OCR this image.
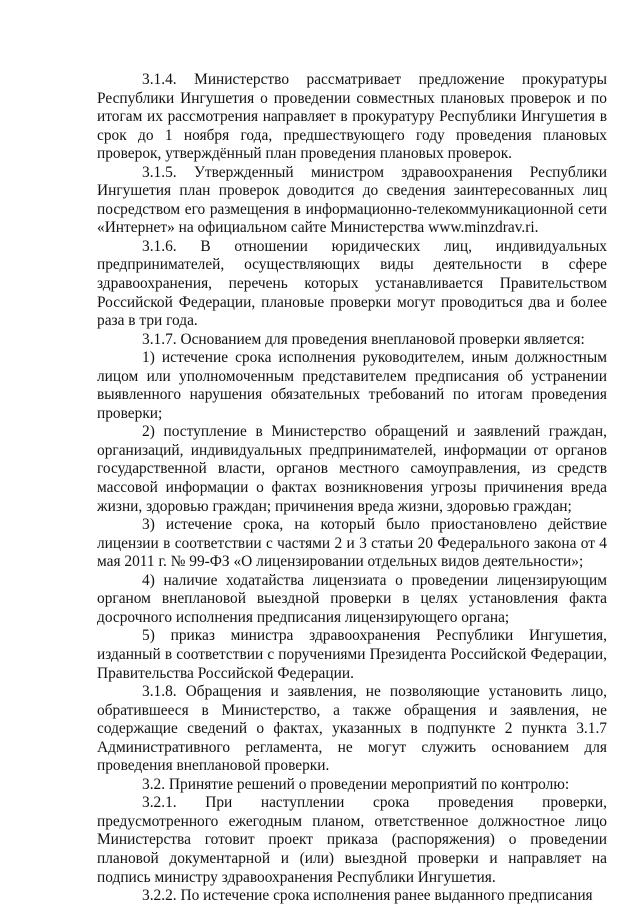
3.1.4. Министерство рассматривает предложение прокуратуры Республики Ингушетия о проведении совместных плановых проверок и по итогам их рассмотрения направляет в прокуратуру Республики Ингушетия в срок до 1 ноября года, предшествующего году проведения плановых проверок, утверждённый план проведения плановых проверок.

3.1.5. Утвержденный министром здравоохранения Республики Ингушетия план проверок доводится до сведения заинтересованных лиц посредством его размещения в информационно-телекоммуникационной сети «Интернет» на официальном сайте Министерства www.minzdrav.ri.

3.1.6. В отношении юридических лиц, индивидуальных предпринимателей, осуществляющих виды деятельности в сфере здравоохранения, перечень которых устанавливается Правительством Российской Федерации, плановые проверки могут проводиться два и более раза в три года.

3.1.7. Основанием для проведения внеплановой проверки является:

1) истечение срока исполнения руководителем, иным должностным лицом или уполномоченным представителем предписания об устранении выявленного нарушения обязательных требований по итогам проведения проверки;

2) поступление в Министерство обращений и заявлений граждан, организаций, индивидуальных предпринимателей, информации от органов государственной власти, органов местного самоуправления, из средств массовой информации о фактах возникновения угрозы причинения вреда жизни, здоровью граждан; причинения вреда жизни, здоровью граждан;

3) истечение срока, на который было приостановлено действие лицензии в соответствии с частями 2 и 3 статьи 20 Федерального закона от 4 мая 2011 г. № 99-ФЗ «О лицензировании отдельных видов деятельности»;

4) наличие ходатайства лицензиата о проведении лицензирующим органом внеплановой выездной проверки в целях установления факта досрочного исполнения предписания лицензирующего органа;

5) приказ министра здравоохранения Республики Ингушетия, изданный в соответствии с поручениями Президента Российской Федерации, Правительства Российской Федерации.

3.1.8. Обращения и заявления, не позволяющие установить лицо, обратившееся в Министерство, а также обращения и заявления, не содержащие сведений о фактах, указанных в подпункте 2 пункта 3.1.7 Административного регламента, не могут служить основанием для проведения внеплановой проверки.

3.2. Принятие решений о проведении мероприятий по контролю:

3.2.1. При наступлении срока проведения проверки, предусмотренного ежегодным планом, ответственное должностное лицо Министерства готовит проект приказа (распоряжения) о проведении плановой документарной и (или) выездной проверки и направляет на подпись министру здравоохранения Республики Ингушетия.

3.2.2. По истечение срока исполнения ранее выданного предписания
